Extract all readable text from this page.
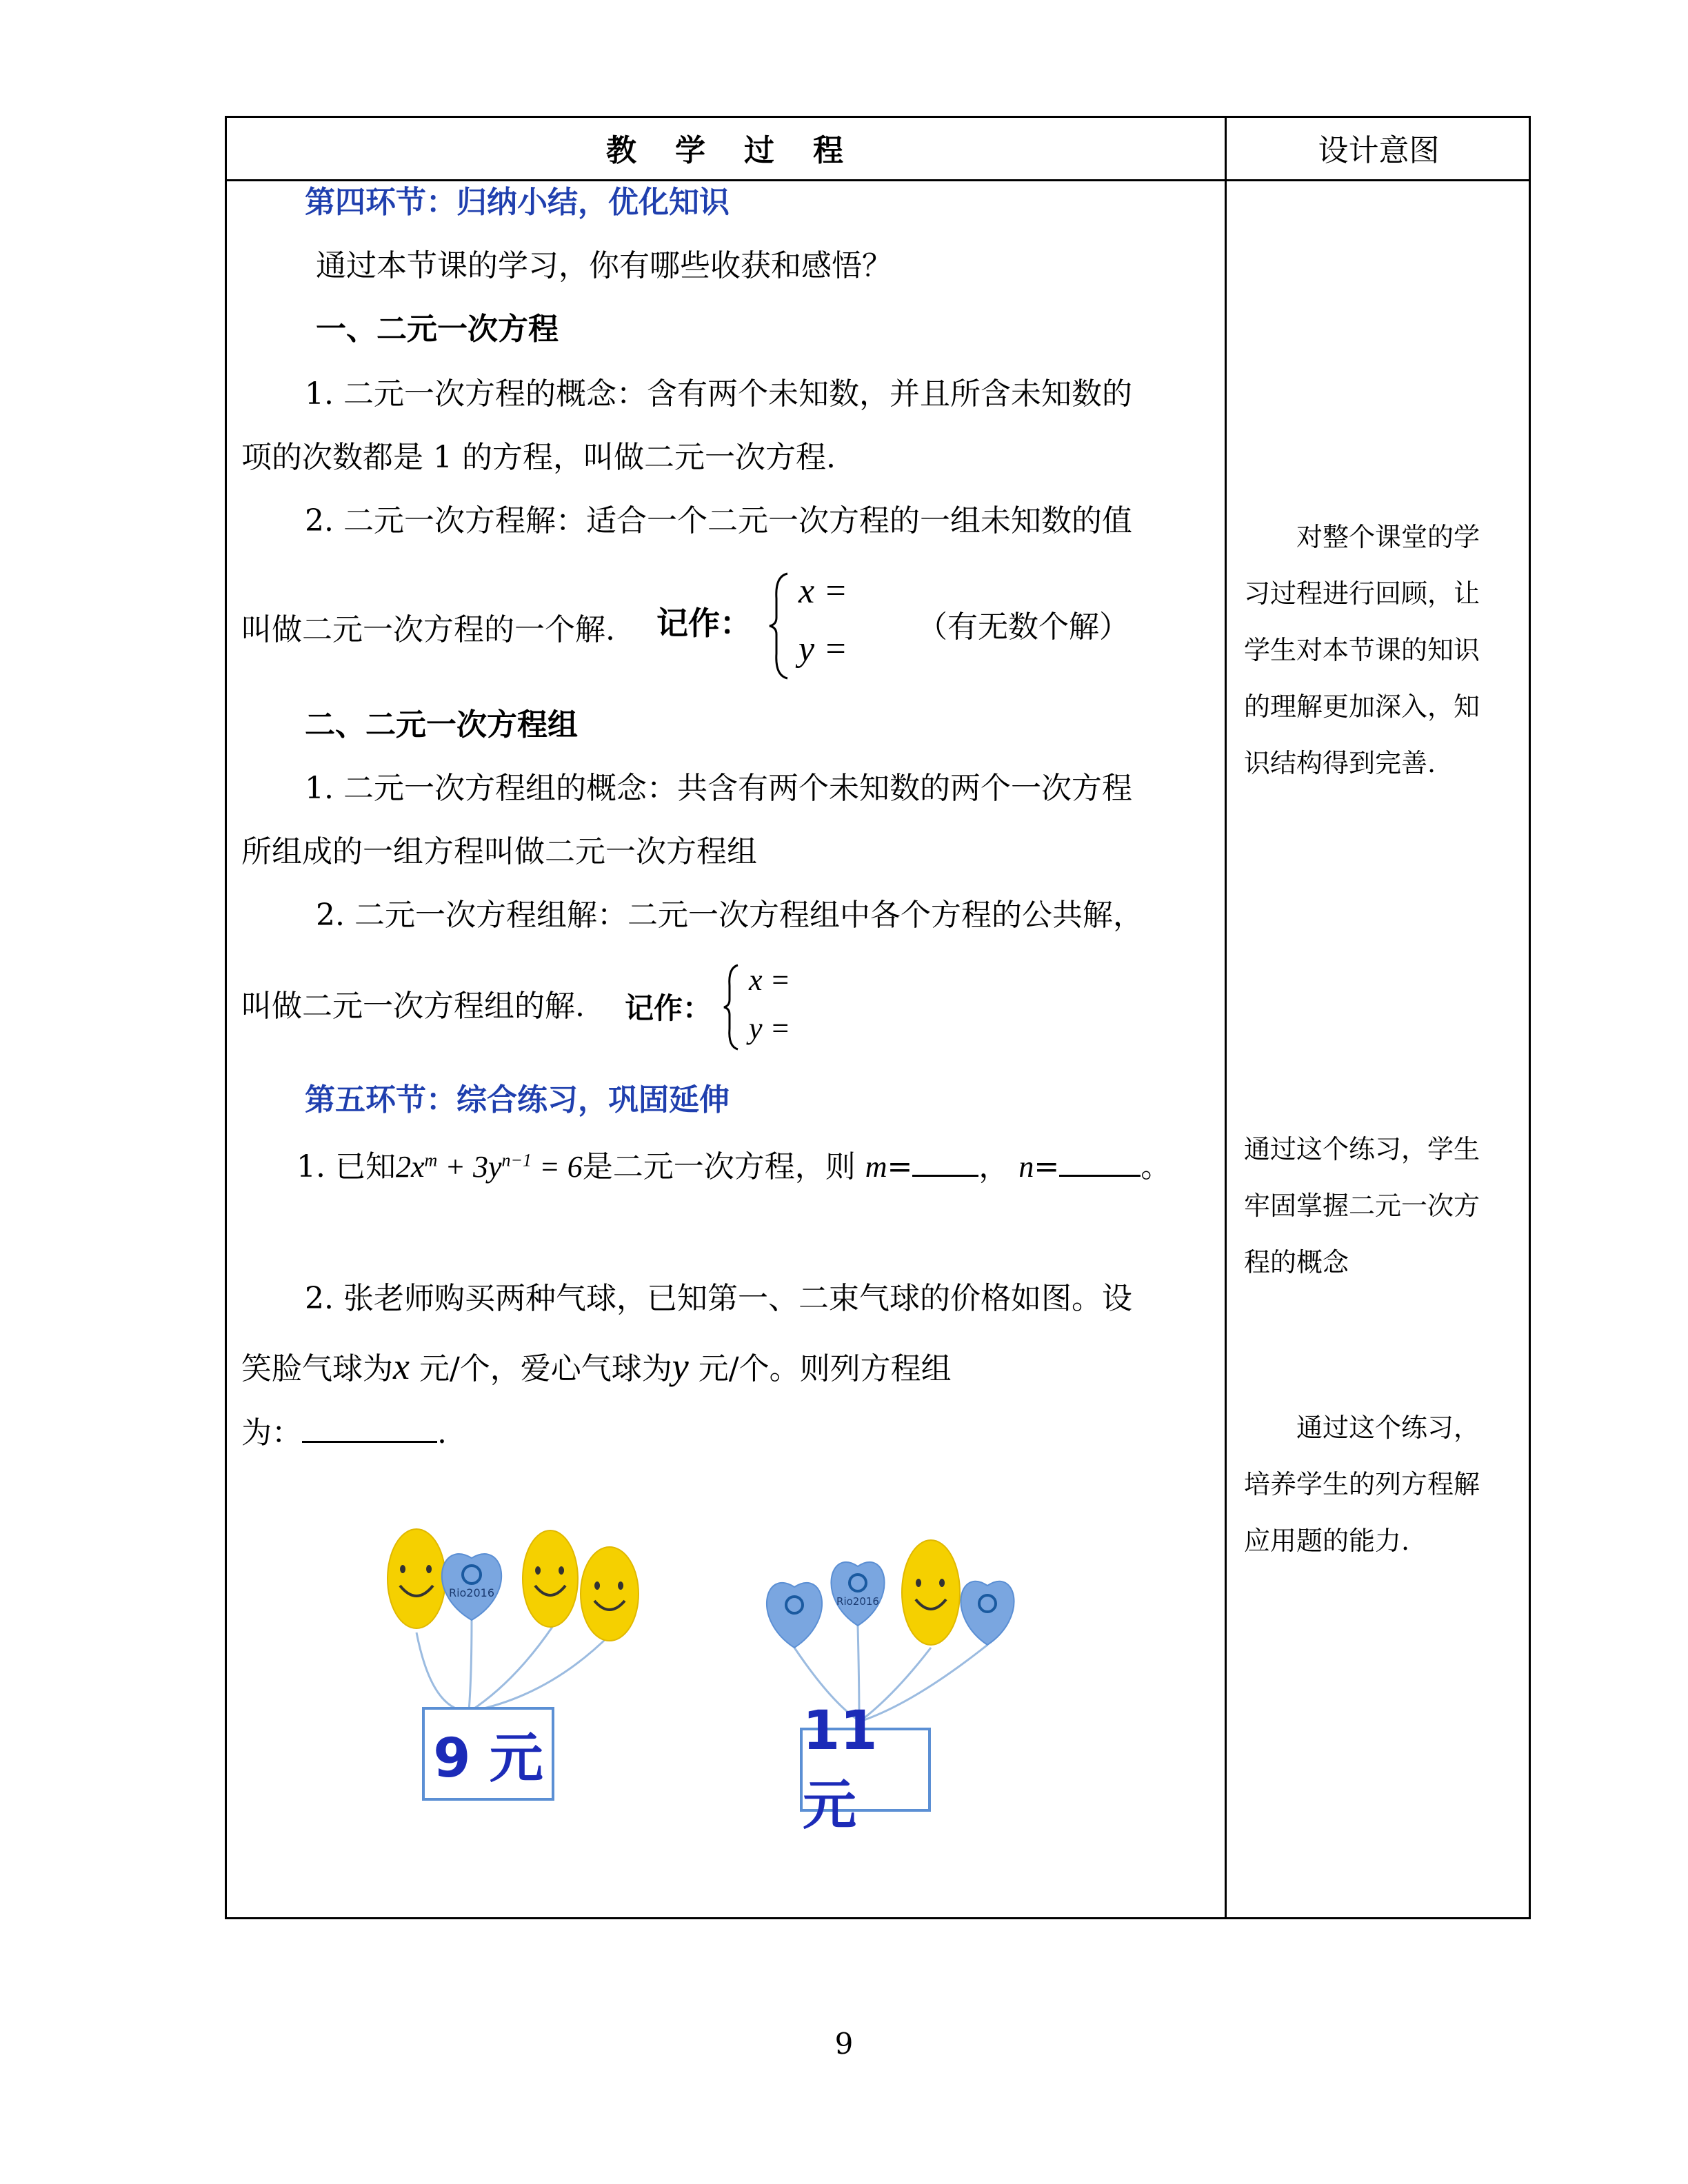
教 学 过 程	设计意图
第四环节：归纳小结，优化知识
通过本节课的学习，你有哪些收获和感悟？
一、二元一次方程
1. 二元一次方程的概念：含有两个未知数，并且所含未知数的
项的次数都是 1 的方程，叫做二元一次方程.
2. 二元一次方程解：适合一个二元一次方程的一组未知数的值
叫做二元一次方程的一个解. 记作：
x =
y =
（有无数个解）
二、二元一次方程组
1. 二元一次方程组的概念：共含有两个未知数的两个一次方程
所组成的一组方程叫做二元一次方程组
2. 二元一次方程组解：二元一次方程组中各个方程的公共解，
叫做二元一次方程组的解. 记作：
x =
y =
第五环节：综合练习，巩固延伸
1. 已知$2x^m + 3y^{n-1} = 6$是二元一次方程，则 m= ， n=	。
2. 张老师购买两种气球，已知第一、二束气球的价格如图。设
笑脸气球为x 元/个，爱心气球为y 元/个。则列方程组
为：	.
Rio2016
9 元
Rio2016
11 元
对整个课堂的学
习过程进行回顾，让
学生对本节课的知识
的理解更加深入，知
识结构得到完善.
通过这个练习，学生
牢固掌握二元一次方
程的概念
通过这个练习，
培养学生的列方程解
应用题的能力.
9
